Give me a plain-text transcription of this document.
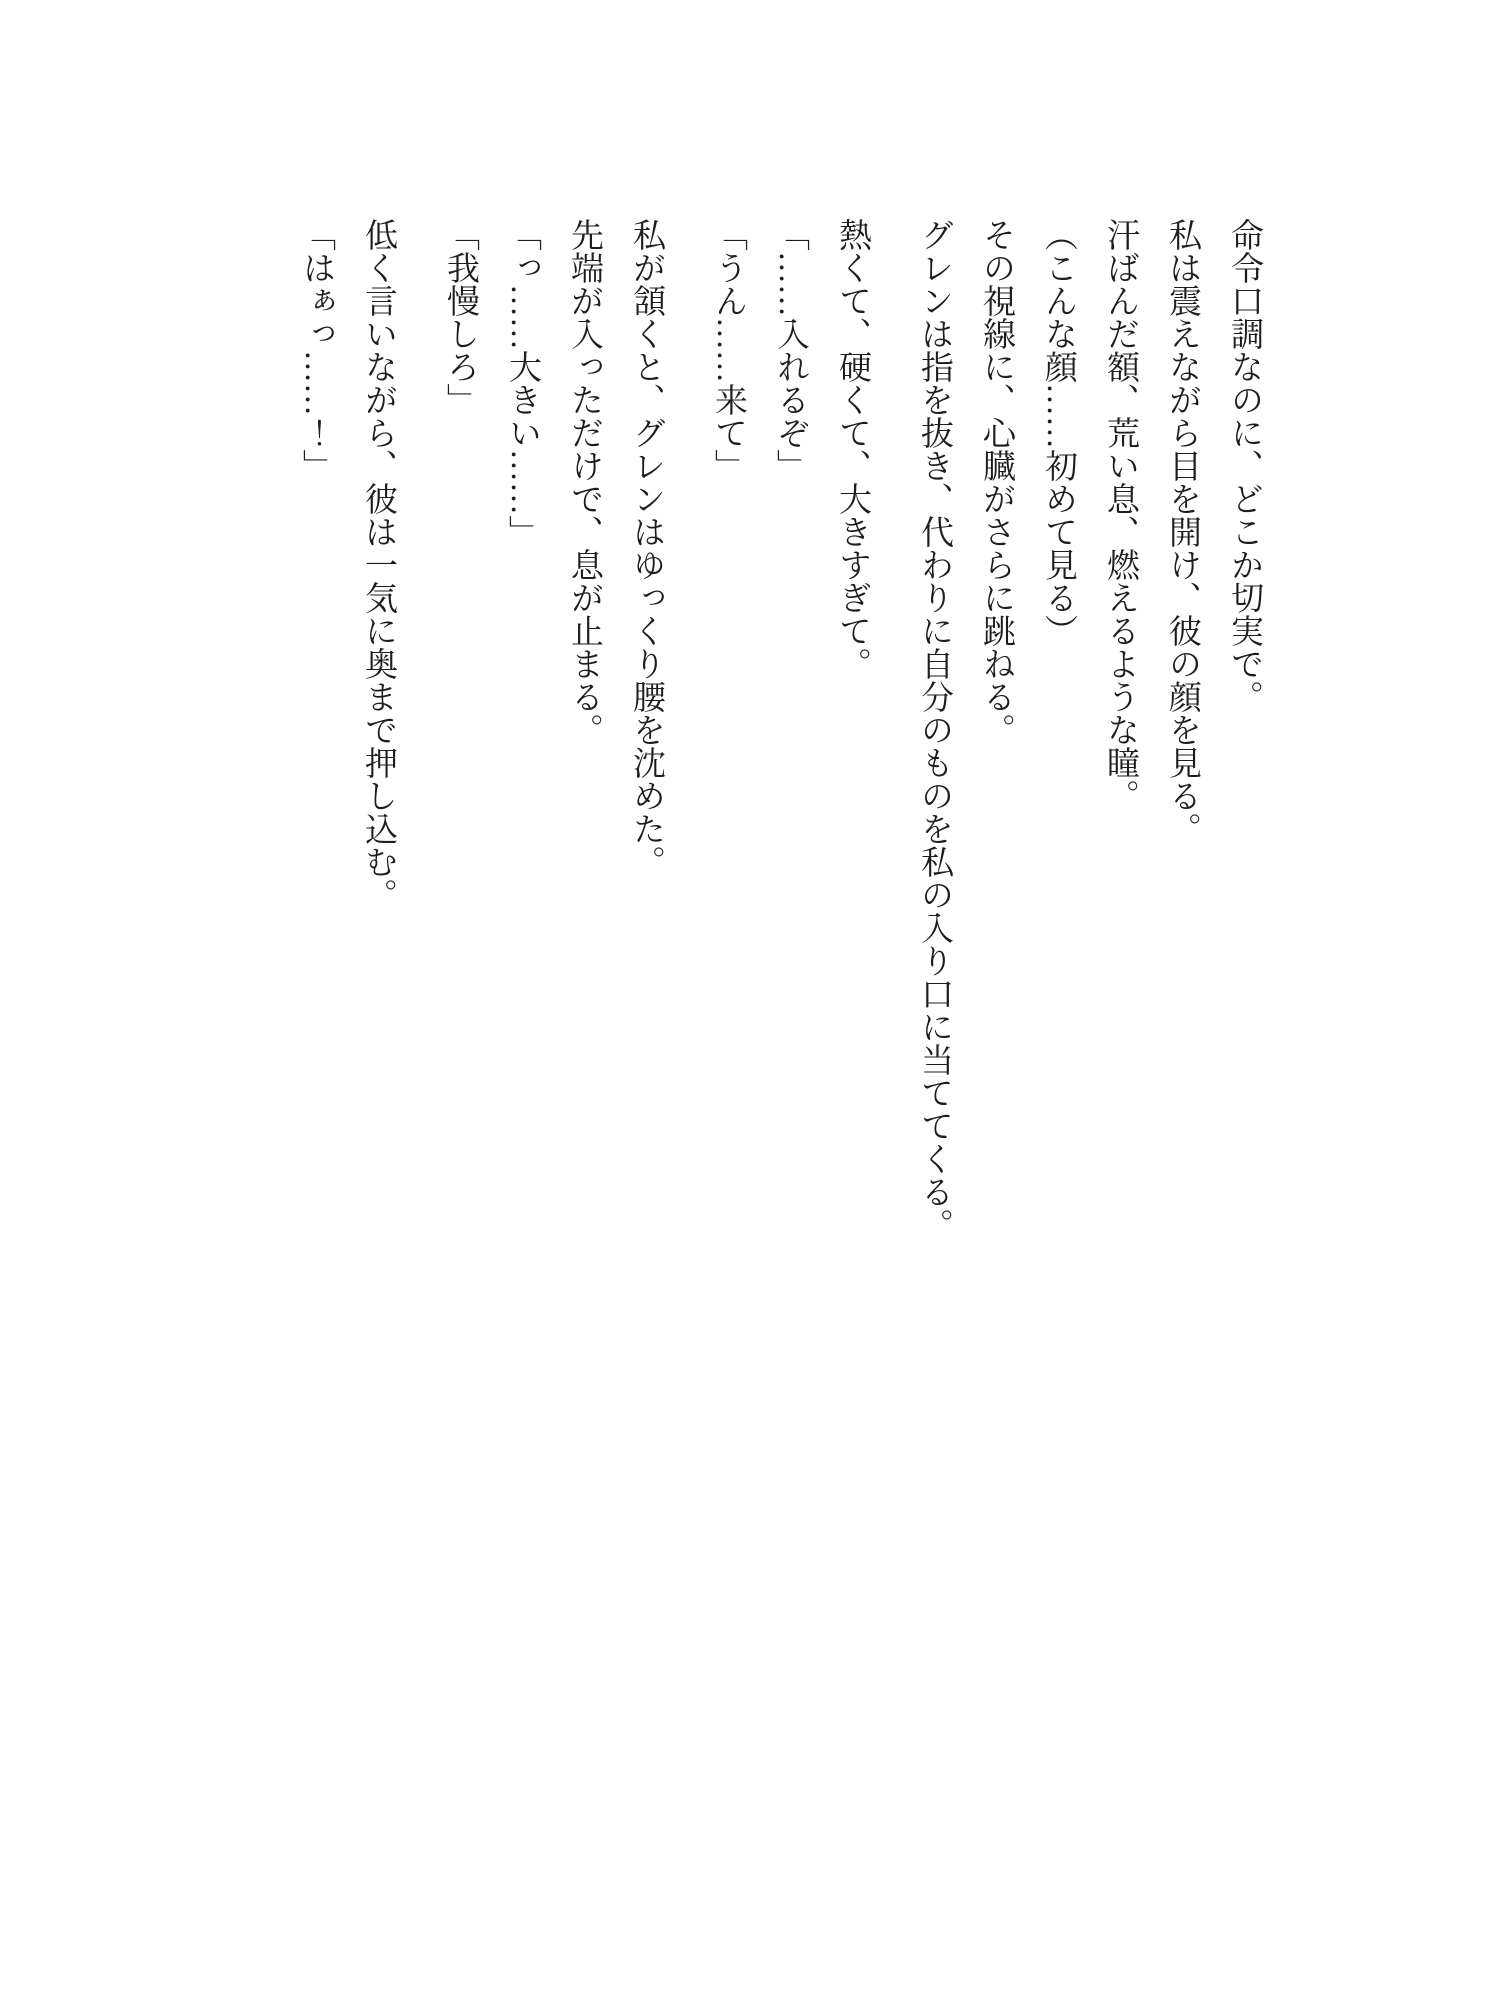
命令口調なのに、どこか切実で。

私は震えながら目を開け、彼の顔を見る。

汗ばんだ額、荒い息、燃えるような瞳。

（こんな顔……初めて見る）

その視線に、心臓がさらに跳ねる。

グレンは指を抜き、代わりに自分のものを私の入り口に当ててくる。

熱くて、硬くて、大きすぎて。

「……入れるぞ」

「うん……来て」

私が頷くと、グレンはゆっくり腰を沈めた。

先端が入っただけで、息が止まる。

「っ……大きい……」

「我慢しろ」

低く言いながら、彼は一気に奥まで押し込む。

「はぁっ……！」
